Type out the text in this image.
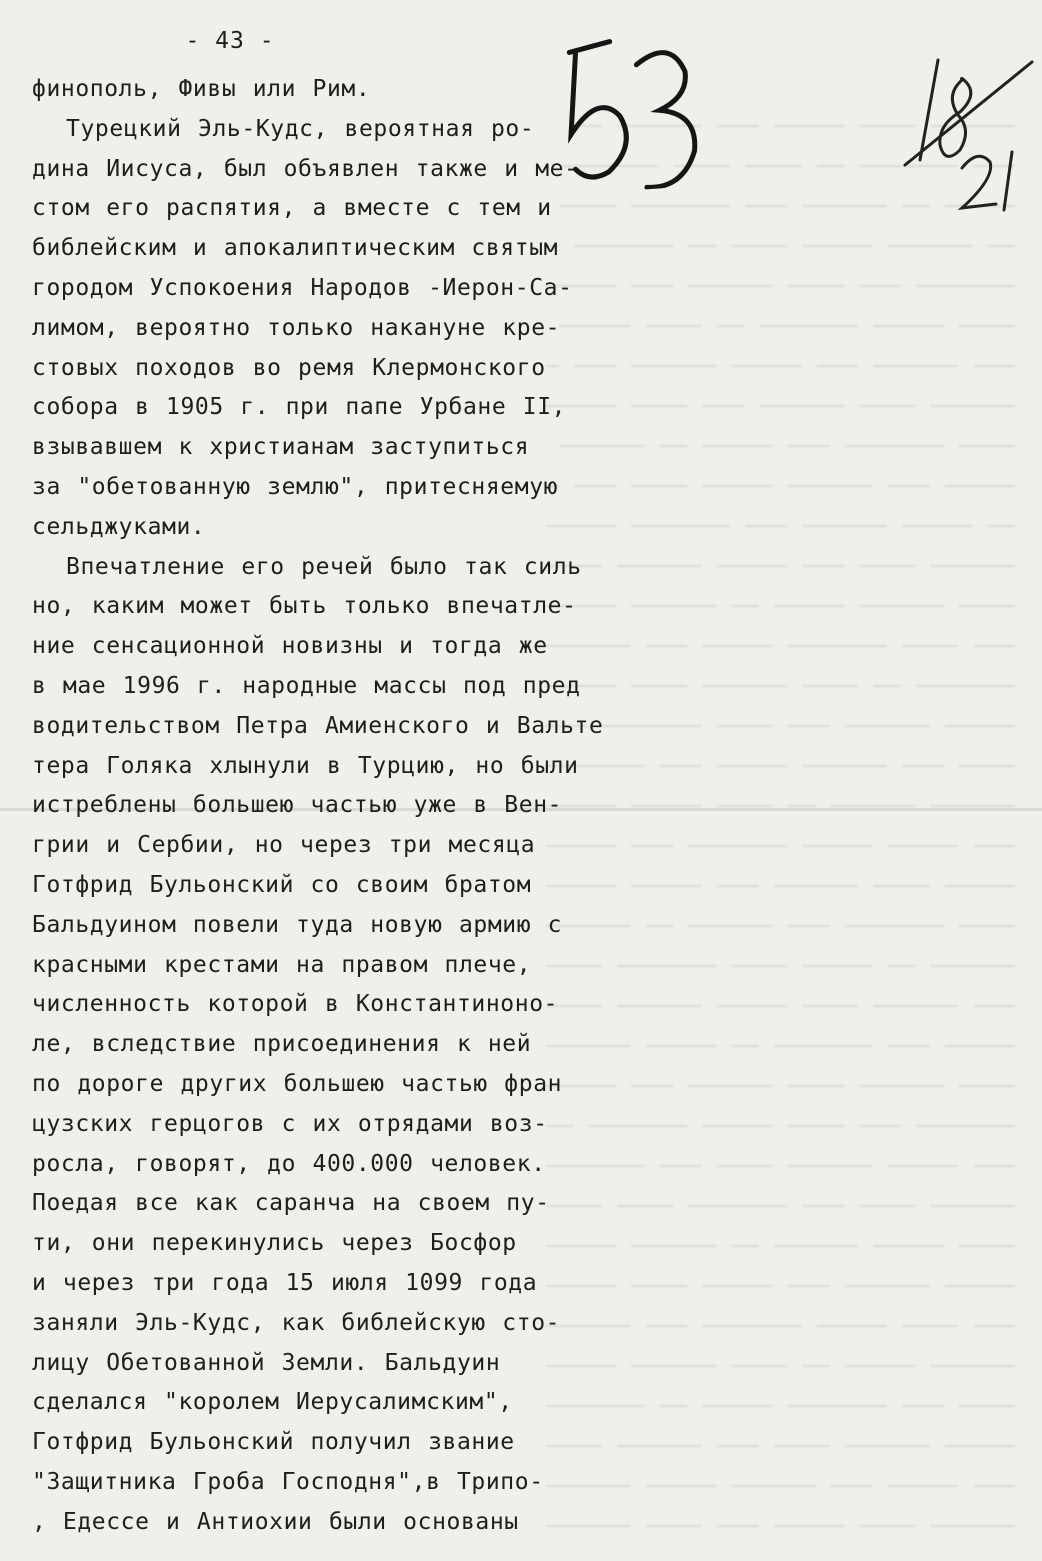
______ ____ _____ ___ ______ __
___ _______ __ ____ ____ _______
_____ __ ______ ___ _______ ____
__ ______ _____ ____ __ _______ _
_______ ___ ____ ______ ___ _____
____ _____ _______ __ ____ _____
___ ______ ___ _____ ______ ___ _
______ ____ ______ ___ ____ _____
____ _______ ___ _____ __ ______
_____ ___ ______ _____ ____ ___ _
__ _____ ______ ___ _______ _____
______ ____ ___ _____ ______ ____
____ ______ _____ __ ______ _____
___ ____ _______ _____ ___ ______
_______ __ ____ ______ ____ _____
_____ ______ ___ ____ _______ ___
____ ___ ______ _____ ___ _______
______ ______ __ ____ _____ _____
___ _____ _____ _______ ___ _____
_____ ____ ______ ___ _____ _____
____ _______ ___ ______ __ ______
______ __ _____ ____ _______ ____
___ ______ ____ _____ ______ ____
_____ ___ _______ __ _____ ______
____ ______ ____ ______ ___ _____
_______ ___ ____ _____ _______ __
___ _____ ______ ____ ___ _______
______ ____ ___ _______ ____ ____
____ _____ ______ __ ______ _____
_____ ______ ___ _____ ____ _____
___ ____ _____ _______ ___ ______
______ _____ __ ____ ______ _____
____ ___ _______ _____ __ _______
_____ ______ ____ ___ ______ ____
___ _____ ___ ______ _____ ______
______ ____ _____ ___ ____ ______
- 43 -
финополь, Фивы или Рим.
Турецкий Эль-Кудс, вероятная ро-
дина Иисуса, был объявлен также и ме-
стом его распятия, а вместе с тем и
библейским и апокалиптическим святым
городом Успокоения Народов -Иерон-Са-
лимом, вероятно только накануне кре-
стовых походов во ремя Клермонского
собора в 1905 г. при папе Урбане II,
взывавшем к христианам заступиться
за "обетованную землю", притесняемую
сельджуками.
Впечатление его речей было так силь
но, каким может быть только впечатле-
ние сенсационной новизны и тогда же
в мае 1996 г. народные массы под пред
водительством Петра Амиенского и Вальте
тера Голяка хлынули в Турцию, но были
истреблены большею частью уже в Вен-
грии и Сербии, но через три месяца
Готфрид Бульонский со своим братом
Бальдуином повели туда новую армию с
красными крестами на правом плече,
численность которой в Константиноно-
ле, вследствие присоединения к ней
по дороге других большею частью фран
цузских герцогов с их отрядами воз-
росла, говорят, до 400.000 человек.
Поедая все как саранча на своем пу-
ти, они перекинулись через Босфор
и через три года 15 июля 1099 года
заняли Эль-Кудс, как библейскую сто-
лицу Обетованной Земли. Бальдуин
сделался "королем Иерусалимским",
Готфрид Бульонский получил звание
"Защитника Гроба Господня",в Трипо-
, Едессе и Антиохии были основаны
